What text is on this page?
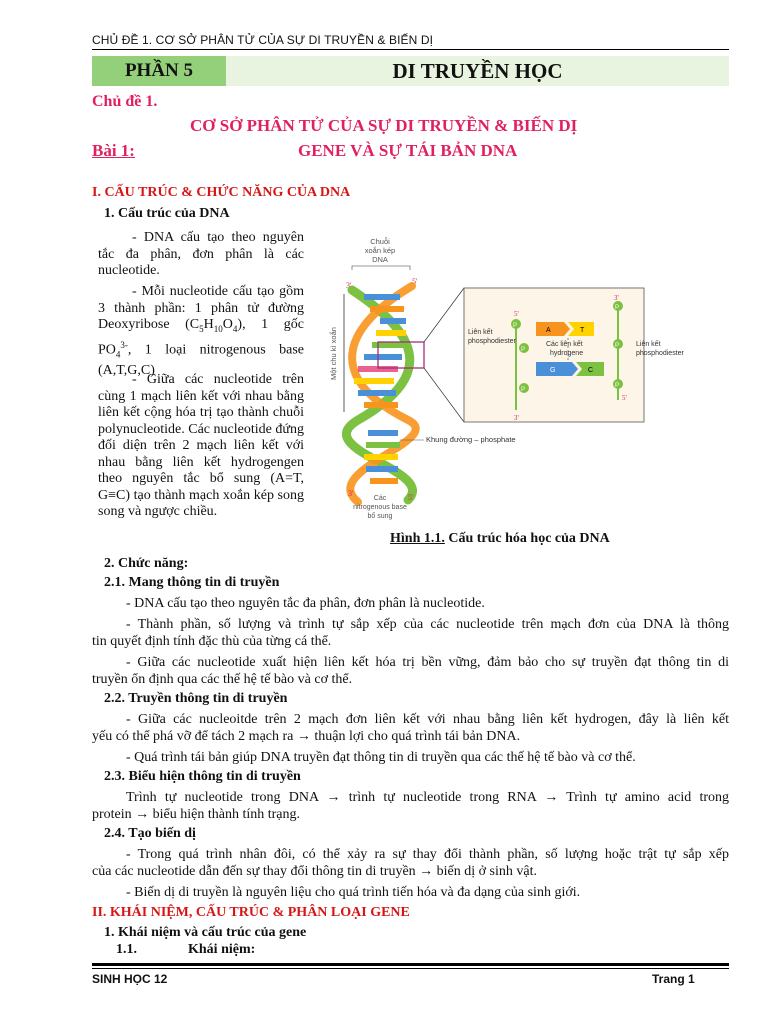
CHỦ ĐỀ 1. CƠ SỞ PHÂN TỬ CỦA SỰ DI TRUYỀN & BIẾN DỊ
PHẦN 5	DI TRUYỀN HỌC
Chủ đề 1.
CƠ SỞ PHÂN TỬ CỦA SỰ DI TRUYỀN & BIẾN DỊ
Bài 1:	GENE VÀ SỰ TÁI BẢN DNA
I. CẤU TRÚC & CHỨC NĂNG CỦA DNA
1. Cấu trúc của DNA
- DNA cấu tạo theo nguyên tắc đa phân, đơn phân là các nucleotide.
- Mỗi nucleotide cấu tạo gồm 3 thành phần: 1 phân tử đường Deoxyribose $(C_5H_{10}O_4)$, 1 gốc $PO_4^{3-}$, 1 loại nitrogenous base (A,T,G,C)
- Giữa các nucleotide trên cùng 1 mạch liên kết với nhau bằng liên kết cộng hóa trị tạo thành chuỗi polynucleotide. Các nucleotide đứng đối diện trên 2 mạch liên kết với nhau bằng liên kết hydrogengen theo nguyên tắc bổ sung (A=T, G≡C) tạo thành mạch xoắn kép song song và ngược chiều.
Chuỗi
xoắn kép
DNA
3'	5'
Một chu kì xoắn
P
P
P
P
P
P
A	T
G	C
5'
3'
3'
5'
Liên kết
phosphodiester	Các liên kết
hydrogene
Liên kết
phosphodiester
Khung đường – phosphate
3'	5'
Các
nitrogenous base
bổ sung
Hình 1.1. Cấu trúc hóa học của DNA
2. Chức năng:
2.1. Mang thông tin di truyền
- DNA cấu tạo theo nguyên tắc đa phân, đơn phân là nucleotide.
- Thành phần, số lượng và trình tự sắp xếp của các nucleotide trên mạch đơn của DNA là thông
tin quyết định tính đặc thù của từng cá thể.
- Giữa các nucleotide xuất hiện liên kết hóa trị bền vững, đảm bảo cho sự truyền đạt thông tin di
truyền ổn định qua các thế hệ tế bào và cơ thể.
2.2. Truyền thông tin di truyền
- Giữa các nucleoitde trên 2 mạch đơn liên kết với nhau bằng liên kết hydrogen, đây là liên kết
yếu có thể phá vỡ để tách 2 mạch ra → thuận lợi cho quá trình tái bản DNA.
- Quá trình tái bản giúp DNA truyền đạt thông tin di truyền qua các thế hệ tế bào và cơ thể.
2.3. Biểu hiện thông tin di truyền
Trình tự nucleotide trong DNA → trình tự nucleotide trong RNA → Trình tự amino acid trong
protein → biểu hiện thành tính trạng.
2.4. Tạo biến dị
- Trong quá trình nhân đôi, có thể xảy ra sự thay đổi thành phần, số lượng hoặc trật tự sắp xếp
của các nucleotide dẫn đến sự thay đổi thông tin di truyền → biến dị ở sinh vật.
- Biến dị di truyền là nguyên liệu cho quá trình tiến hóa và đa dạng của sinh giới.
II. KHÁI NIỆM, CẤU TRÚC & PHÂN LOẠI GENE
1. Khái niệm và cấu trúc của gene
1.1.	Khái niệm:
SINH HỌC 12	Trang 1
